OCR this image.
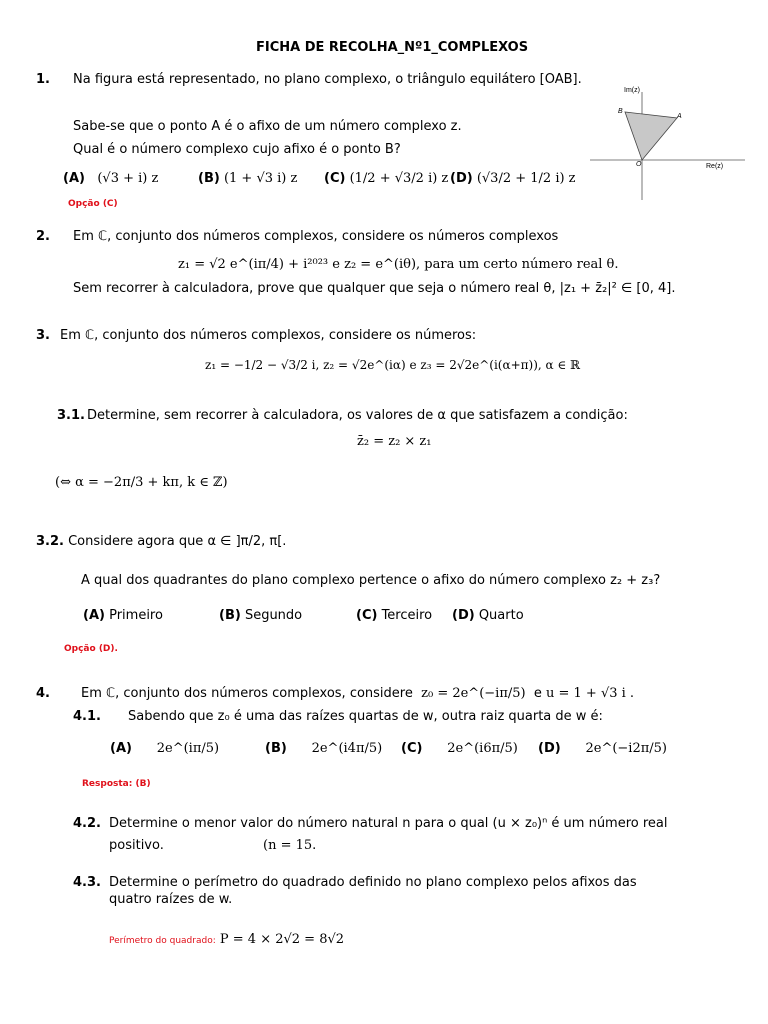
FICHA DE RECOLHA_Nº1_COMPLEXOS
1. Na figura está representado, no plano complexo, o triângulo equilátero [OAB].
Sabe-se que o ponto A é o afixo de um número complexo z.
Qual é o número complexo cujo afixo é o ponto B?
(A) (√3 + i) z	(B) (1 + √3 i) z (C) (1/2 + √3/2 i) z (D) (√3/2 + 1/2 i) z
Opção (C)
Im(z)
Re(z)
O
A
B
2. Em ℂ, conjunto dos números complexos, considere os números complexos
z₁ = √2 e^(iπ/4) + i²⁰²³ e z₂ = e^(iθ), para um certo número real θ.
Sem recorrer à calculadora, prove que qualquer que seja o número real θ, |z₁ + z̄₂|² ∈ [0, 4].
3. Em ℂ, conjunto dos números complexos, considere os números:
z₁ = −1/2 − √3/2 i, z₂ = √2e^(iα) e z₃ = 2√2e^(i(α+π)), α ∈ ℝ
3.1. Determine, sem recorrer à calculadora, os valores de α que satisfazem a condição:
z̄₂ = z₂ × z₁
(⇔ α = −2π/3 + kπ, k ∈ ℤ)
3.2. Considere agora que α ∈ ]π/2, π[.
A qual dos quadrantes do plano complexo pertence o afixo do número complexo z₂ + z₃?
(A) Primeiro	(B) Segundo	(C) Terceiro (D) Quarto
Opção (D).
4. Em ℂ, conjunto dos números complexos, considere z₀ = 2e^(−iπ/5) e u = 1 + √3 i .
4.1. Sabendo que z₀ é uma das raízes quartas de w, outra raiz quarta de w é:
(A) 2e^(iπ/5)	(B) 2e^(i4π/5) (C) 2e^(i6π/5) (D) 2e^(−i2π/5)
Resposta: (B)
4.2. Determine o menor valor do número natural n para o qual (u × z₀)ⁿ é um número real
positivo.	(n = 15.
4.3. Determine o perímetro do quadrado definido no plano complexo pelos afixos das
quatro raízes de w.
Perímetro do quadrado: P = 4 × 2√2 = 8√2
